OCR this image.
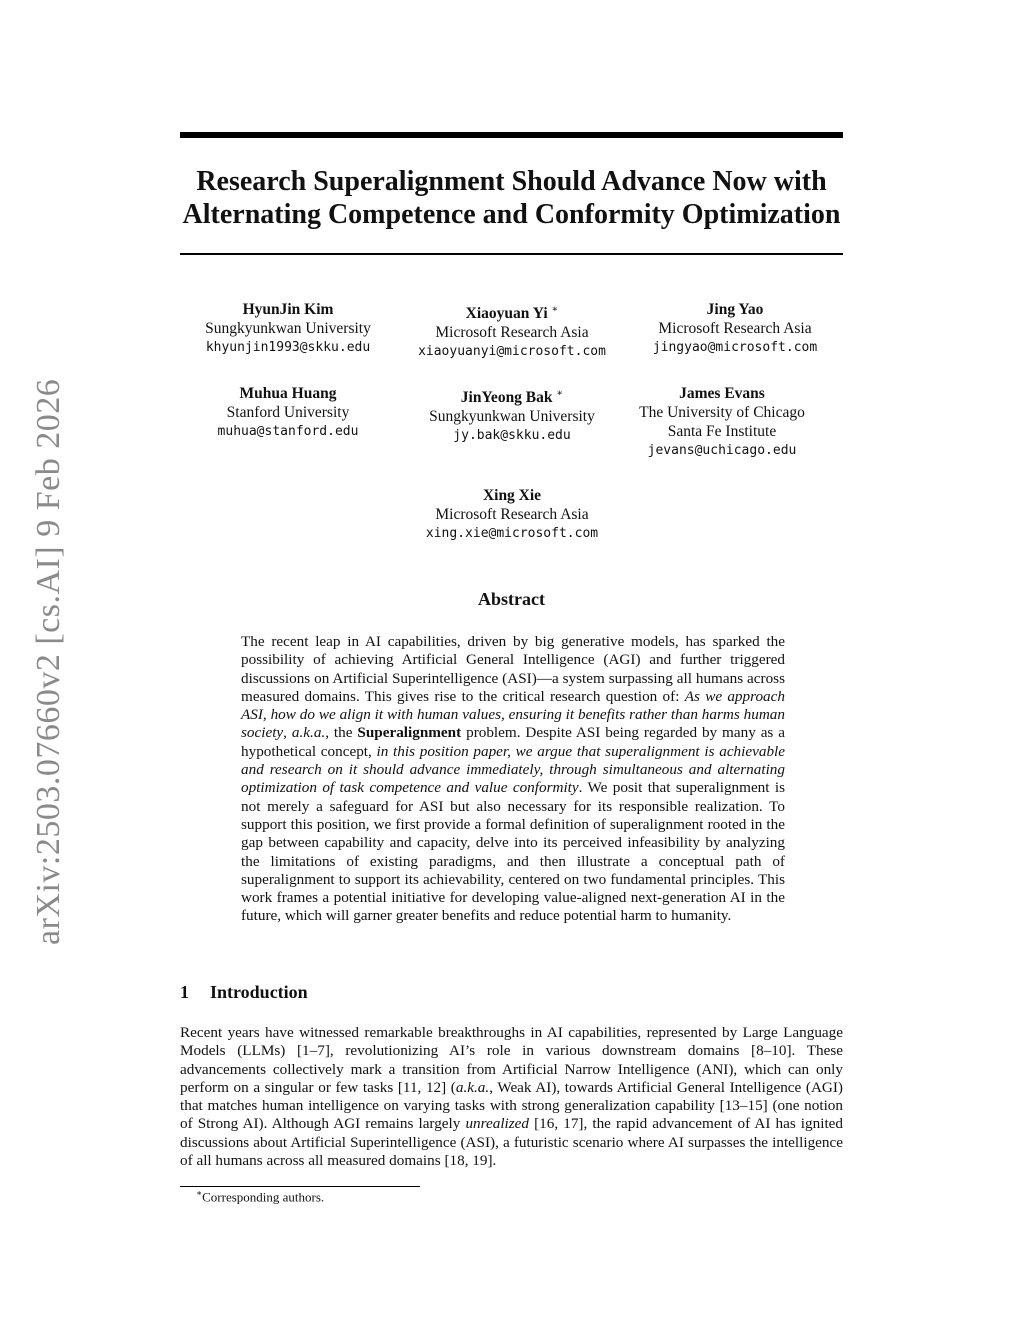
arXiv:2503.07660v2 [cs.AI] 9 Feb 2026
Research Superalignment Should Advance Now with
Alternating Competence and Conformity Optimization
HyunJin Kim
Sungkyunkwan University
khyunjin1993@skku.edu
Xiaoyuan Yi ∗
Microsoft Research Asia
xiaoyuanyi@microsoft.com
Jing Yao
Microsoft Research Asia
jingyao@microsoft.com
Muhua Huang
Stanford University
muhua@stanford.edu
JinYeong Bak ∗
Sungkyunkwan University
jy.bak@skku.edu
James Evans
The University of Chicago
Santa Fe Institute
jevans@uchicago.edu
Xing Xie
Microsoft Research Asia
xing.xie@microsoft.com
Abstract
The recent leap in AI capabilities, driven by big generative models, has sparked the possibility of achieving Artificial General Intelligence (AGI) and further triggered discussions on Artificial Superintelligence (ASI)—a system surpassing all humans across measured domains. This gives rise to the critical research question of: As we approach ASI, how do we align it with human values, ensuring it benefits rather than harms human society, a.k.a., the Superalignment problem. Despite ASI being regarded by many as a hypothetical concept, in this position paper, we argue that superalignment is achievable and research on it should advance immediately, through simultaneous and alternating optimization of task competence and value conformity. We posit that superalignment is not merely a safeguard for ASI but also necessary for its responsible realization. To support this position, we first provide a formal definition of superalignment rooted in the gap between capability and capacity, delve into its perceived infeasibility by analyzing the limitations of existing paradigms, and then illustrate a conceptual path of superalignment to support its achievability, centered on two fundamental principles. This work frames a potential initiative for developing value-aligned next-generation AI in the future, which will garner greater benefits and reduce potential harm to humanity.
1 Introduction
Recent years have witnessed remarkable breakthroughs in AI capabilities, represented by Large Language Models (LLMs) [1–7], revolutionizing AI’s role in various downstream domains [8–10]. These advancements collectively mark a transition from Artificial Narrow Intelligence (ANI), which can only perform on a singular or few tasks [11, 12] (a.k.a., Weak AI), towards Artificial General Intelligence (AGI) that matches human intelligence on varying tasks with strong generalization capability [13–15] (one notion of Strong AI). Although AGI remains largely unrealized [16, 17], the rapid advancement of AI has ignited discussions about Artificial Superintelligence (ASI), a futuristic scenario where AI surpasses the intelligence of all humans across all measured domains [18, 19].
∗Corresponding authors.
